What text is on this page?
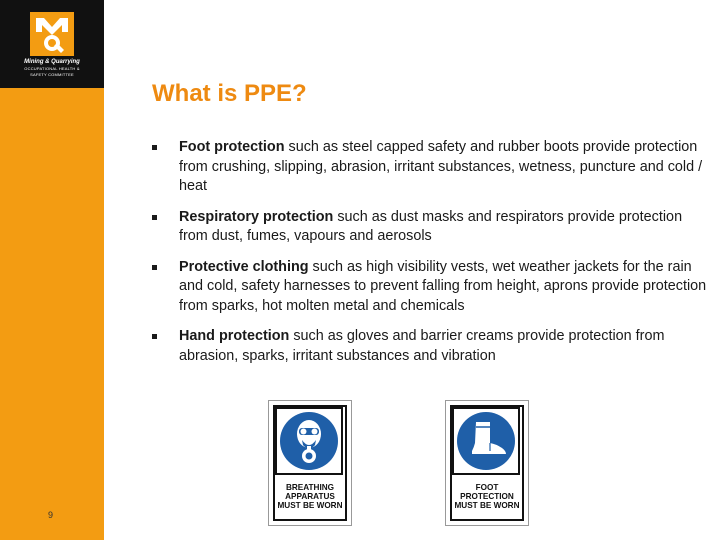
Mining & Quarrying
OCCUPATIONAL HEALTH &
SAFETY COMMITTEE
9
What is PPE?
Foot protection such as steel capped safety and rubber boots provide protection from crushing, slipping, abrasion, irritant substances, wetness, puncture and cold / heat
Respiratory protection such as dust masks and respirators provide protection from dust, fumes, vapours and aerosols
Protective clothing such as high visibility vests, wet weather jackets for the rain and cold, safety harnesses to prevent falling from height, aprons provide protection from sparks, hot molten metal and chemicals
Hand protection such as gloves and barrier creams provide protection from abrasion, sparks, irritant substances and vibration
BREATHING
APPARATUS
MUST BE WORN
FOOT
PROTECTION
MUST BE WORN
